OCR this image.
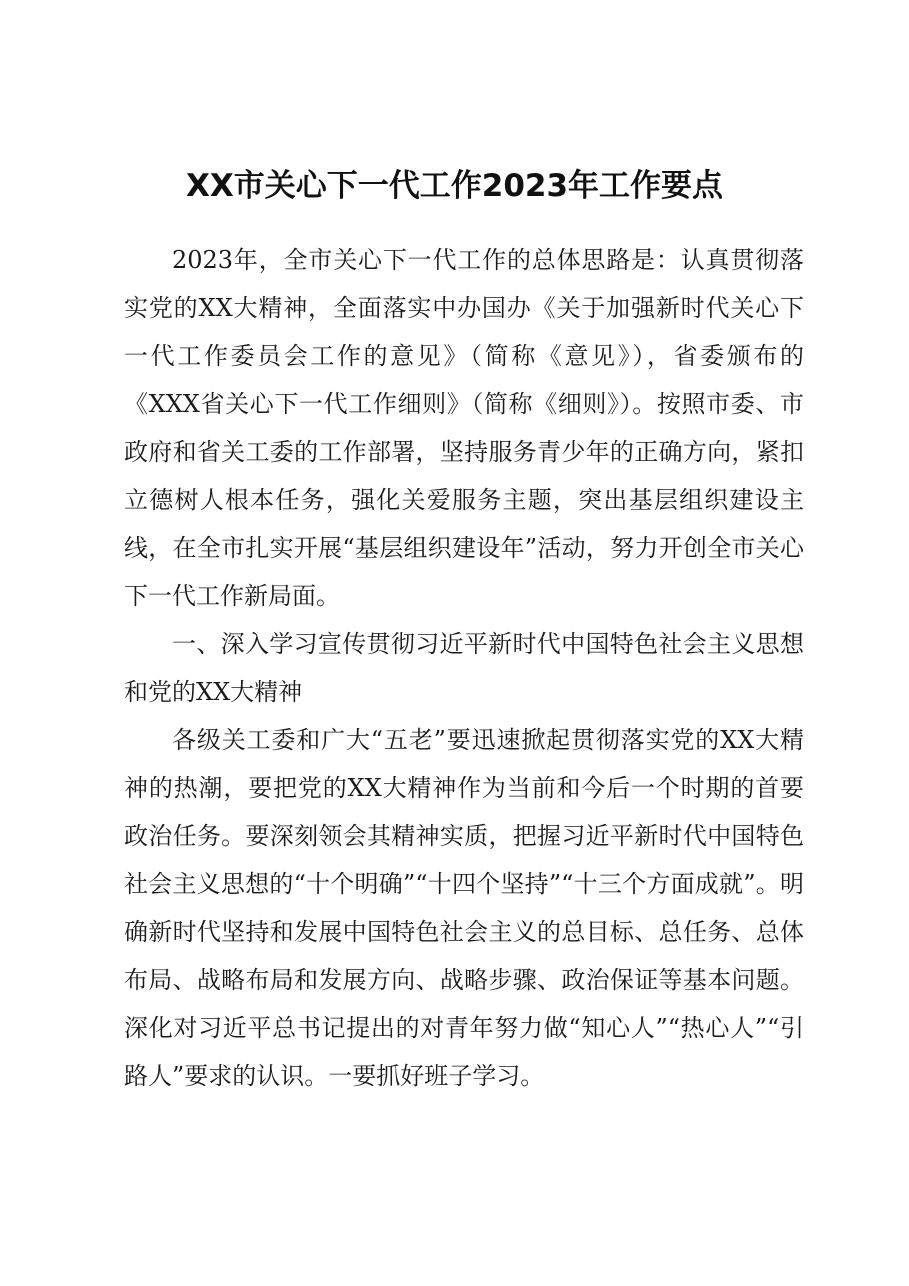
XX市关心下一代工作2023年工作要点

2023年，全市关心下一代工作的总体思路是：认真贯彻落实党的XX大精神，全面落实中办国办《关于加强新时代关心下一代工作委员会工作的意见》（简称《意见》），省委颁布的《XXX省关心下一代工作细则》（简称《细则》）。按照市委、市政府和省关工委的工作部署，坚持服务青少年的正确方向，紧扣立德树人根本任务，强化关爱服务主题，突出基层组织建设主线，在全市扎实开展“基层组织建设年”活动，努力开创全市关心下一代工作新局面。

一、深入学习宣传贯彻习近平新时代中国特色社会主义思想和党的XX大精神

各级关工委和广大“五老”要迅速掀起贯彻落实党的XX大精神的热潮，要把党的XX大精神作为当前和今后一个时期的首要政治任务。要深刻领会其精神实质，把握习近平新时代中国特色社会主义思想的“十个明确”“十四个坚持”“十三个方面成就”。明确新时代坚持和发展中国特色社会主义的总目标、总任务、总体布局、战略布局和发展方向、战略步骤、政治保证等基本问题。深化对习近平总书记提出的对青年努力做“知心人”“热心人”“引路人”要求的认识。一要抓好班子学习。
